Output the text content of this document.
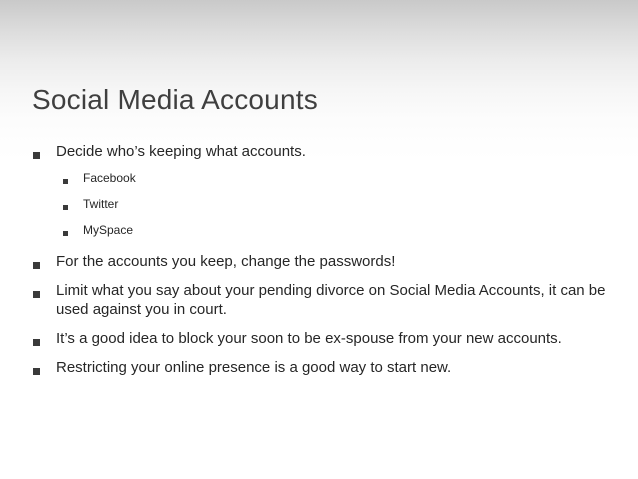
Social Media Accounts
Decide who’s keeping what accounts.
Facebook
Twitter
MySpace
For the accounts you keep, change the passwords!
Limit what you say about your pending divorce on Social Media Accounts, it can be used against you in court.
It’s a good idea to block your soon to be ex-spouse from your new accounts.
Restricting your online presence is a good way to start new.
